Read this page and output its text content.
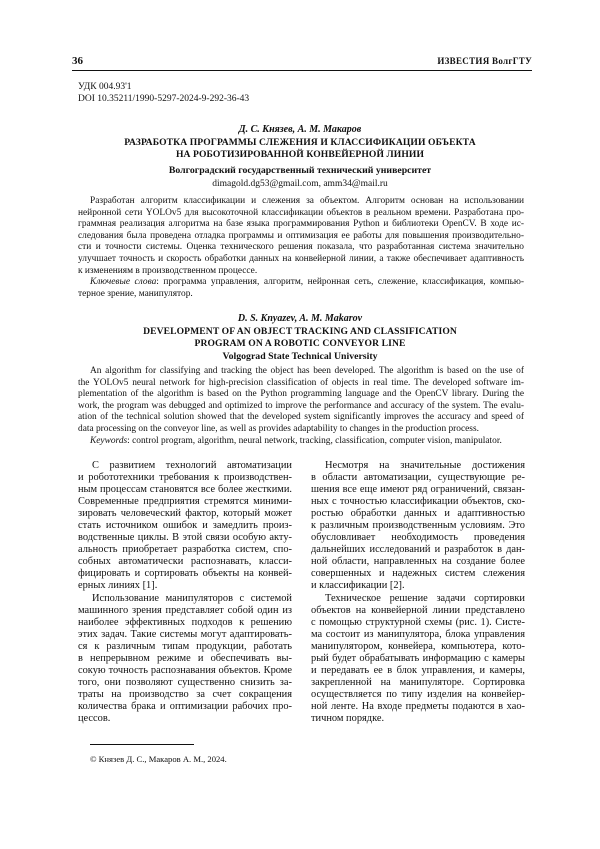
36	ИЗВЕСТИЯ ВолгГТУ
УДК 004.93'1
DOI 10.35211/1990-5297-2024-9-292-36-43
Д. С. Князев, А. М. Макаров
РАЗРАБОТКА ПРОГРАММЫ СЛЕЖЕНИЯ И КЛАССИФИКАЦИИ ОБЪЕКТА
НА РОБОТИЗИРОВАННОЙ КОНВЕЙЕРНОЙ ЛИНИИ
Волгоградский государственный технический университет
dimagold.dg53@gmail.com, amm34@mail.ru
Разработан алгоритм классификации и слежения за объектом. Алгоритм основан на использовании
нейронной сети YOLOv5 для высокоточной классификации объектов в реальном времени. Разработана про-
граммная реализация алгоритма на базе языка программирования Python и библиотеки OpenCV. В ходе ис-
следования была проведена отладка программы и оптимизация ее работы для повышения производительно-
сти и точности системы. Оценка технического решения показала, что разработанная система значительно
улучшает точность и скорость обработки данных на конвейерной линии, а также обеспечивает адаптивность
к изменениям в производственном процессе.
Ключевые слова: программа управления, алгоритм, нейронная сеть, слежение, классификация, компью-
терное зрение, манипулятор.
D. S. Knyazev, A. M. Makarov
DEVELOPMENT OF AN OBJECT TRACKING AND CLASSIFICATION
PROGRAM ON A ROBOTIC CONVEYOR LINE
Volgograd State Technical University
An algorithm for classifying and tracking the object has been developed. The algorithm is based on the use of
the YOLOv5 neural network for high-precision classification of objects in real time. The developed software im-
plementation of the algorithm is based on the Python programming language and the OpenCV library. During the
work, the program was debugged and optimized to improve the performance and accuracy of the system. The evalu-
ation of the technical solution showed that the developed system significantly improves the accuracy and speed of
data processing on the conveyor line, as well as provides adaptability to changes in the production process.
Keywords: control program, algorithm, neural network, tracking, classification, computer vision, manipulator.
С развитием технологий автоматизации
и робототехники требования к производствен-
ным процессам становятся все более жесткими.
Современные предприятия стремятся миними-
зировать человеческий фактор, который может
стать источником ошибок и замедлить произ-
водственные циклы. В этой связи особую акту-
альность приобретает разработка систем, спо-
собных автоматически распознавать, класси-
фицировать и сортировать объекты на конвей-
ерных линиях [1].
Использование манипуляторов с системой
машинного зрения представляет собой один из
наиболее эффективных подходов к решению
этих задач. Такие системы могут адаптировать-
ся к различным типам продукции, работать
в непрерывном режиме и обеспечивать вы-
сокую точность распознавания объектов. Кроме
того, они позволяют существенно снизить за-
траты на производство за счет сокращения
количества брака и оптимизации рабочих про-
цессов.
Несмотря на значительные достижения
в области автоматизации, существующие ре-
шения все еще имеют ряд ограничений, связан-
ных с точностью классификации объектов, ско-
ростью обработки данных и адаптивностью
к различным производственным условиям. Это
обусловливает необходимость проведения
дальнейших исследований и разработок в дан-
ной области, направленных на создание более
совершенных и надежных систем слежения
и классификации [2].
Техническое решение задачи сортировки
объектов на конвейерной линии представлено
с помощью структурной схемы (рис. 1). Систе-
ма состоит из манипулятора, блока управления
манипулятором, конвейера, компьютера, кото-
рый будет обрабатывать информацию с камеры
и передавать ее в блок управления, и камеры,
закрепленной на манипуляторе. Сортировка
осуществляется по типу изделия на конвейер-
ной ленте. На входе предметы подаются в хао-
тичном порядке.
© Князев Д. С., Макаров А. М., 2024.
